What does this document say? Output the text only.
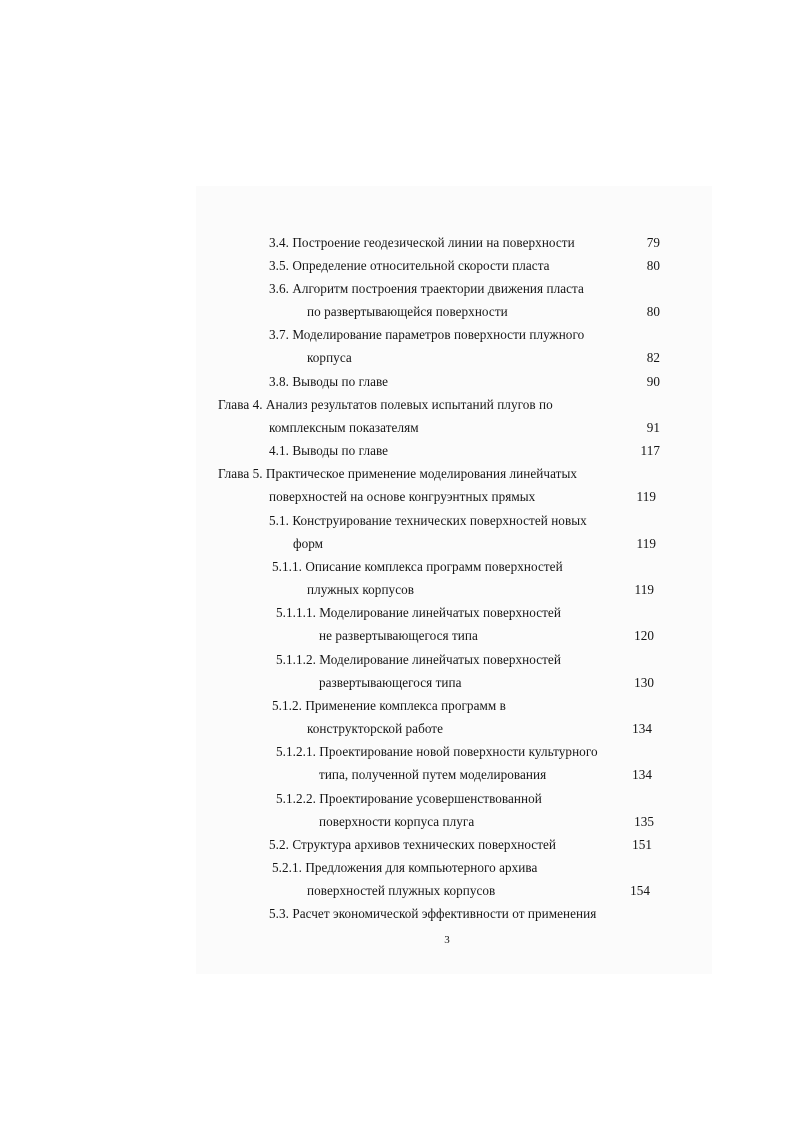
3.4. Построение геодезической линии на поверхности	79
3.5. Определение относительной скорости пласта	80
3.6. Алгоритм построения траектории движения пласта
по развертывающейся поверхности	80
3.7. Моделирование параметров поверхности плужного
корпуса	82
3.8. Выводы по главе	90
Глава 4. Анализ результатов полевых испытаний плугов по
комплексным показателям	91
4.1. Выводы по главе	117
Глава 5. Практическое применение моделирования линейчатых
поверхностей на основе конгруэнтных прямых	119
5.1. Конструирование технических поверхностей новых
форм	119
5.1.1. Описание комплекса программ поверхностей
плужных корпусов	119
5.1.1.1. Моделирование линейчатых поверхностей
не развертывающегося типа	120
5.1.1.2. Моделирование линейчатых поверхностей
развертывающегося типа	130
5.1.2. Применение комплекса программ в
конструкторской работе	134
5.1.2.1. Проектирование новой поверхности культурного
типа, полученной путем моделирования	134
5.1.2.2. Проектирование усовершенствованной
поверхности корпуса плуга	135
5.2. Структура архивов технических поверхностей	151
5.2.1. Предложения для компьютерного архива
поверхностей плужных корпусов	154
5.3. Расчет экономической эффективности от применения
3
